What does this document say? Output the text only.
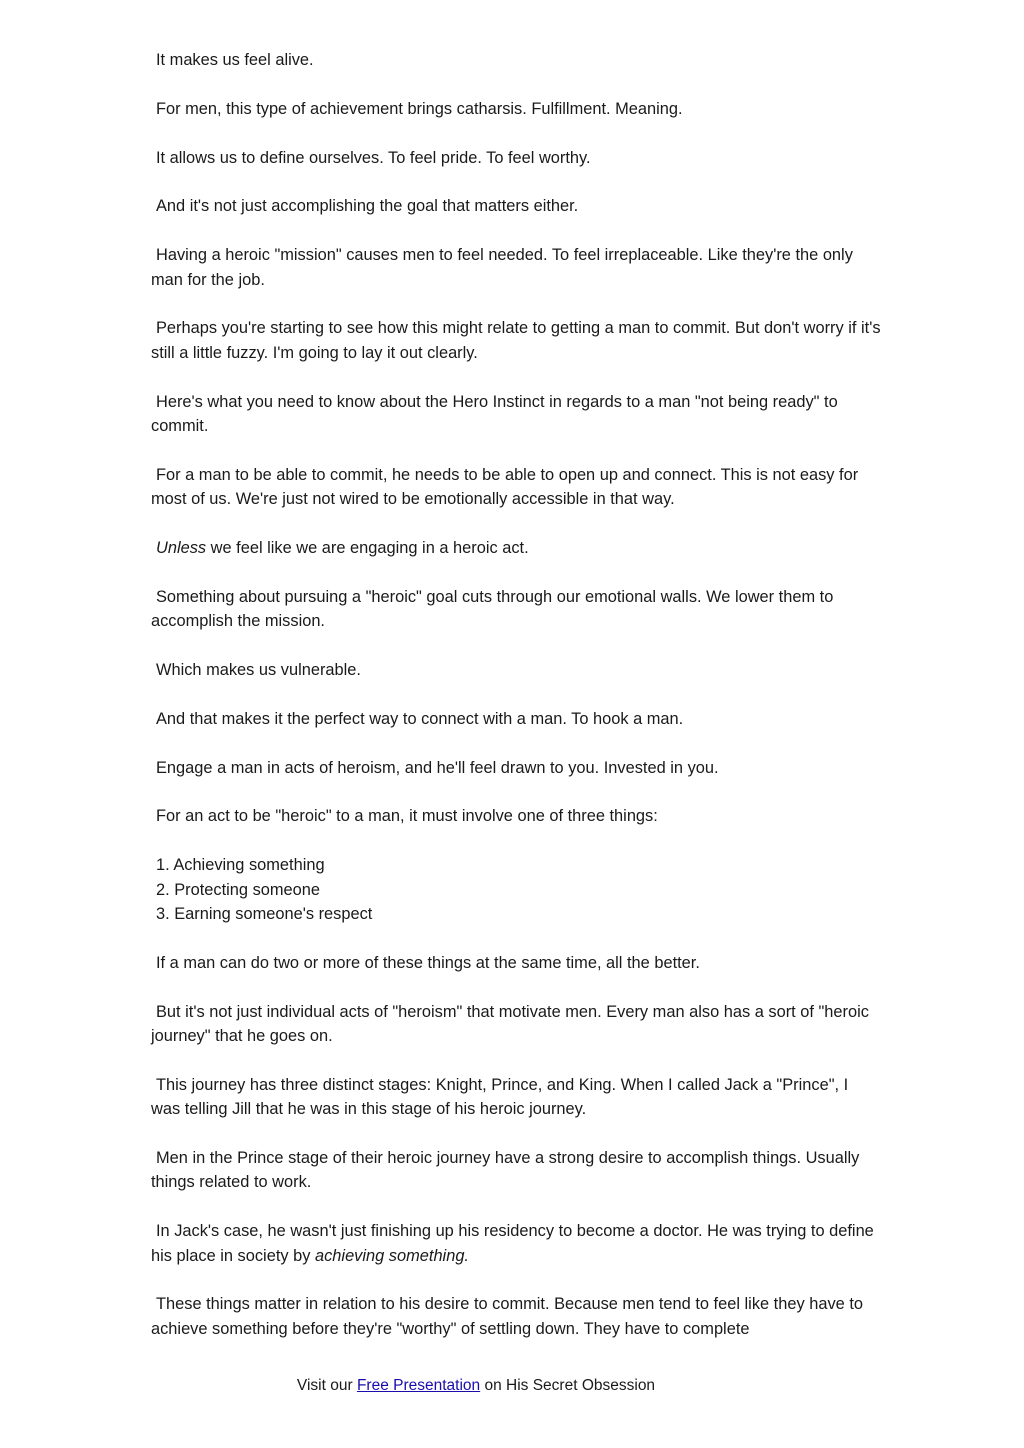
It makes us feel alive.

For men, this type of achievement brings catharsis. Fulfillment. Meaning.

It allows us to define ourselves. To feel pride. To feel worthy.

And it's not just accomplishing the goal that matters either.

Having a heroic "mission" causes men to feel needed. To feel irreplaceable. Like they're the only man for the job.

Perhaps you're starting to see how this might relate to getting a man to commit. But don't worry if it's still a little fuzzy. I'm going to lay it out clearly.

Here's what you need to know about the Hero Instinct in regards to a man "not being ready" to commit.

For a man to be able to commit, he needs to be able to open up and connect. This is not easy for most of us. We're just not wired to be emotionally accessible in that way.

Unless we feel like we are engaging in a heroic act.

Something about pursuing a "heroic" goal cuts through our emotional walls. We lower them to accomplish the mission.

Which makes us vulnerable.

And that makes it the perfect way to connect with a man. To hook a man.

Engage a man in acts of heroism, and he'll feel drawn to you. Invested in you.

For an act to be "heroic" to a man, it must involve one of three things:

1. Achieving something
2. Protecting someone
3. Earning someone's respect

If a man can do two or more of these things at the same time, all the better.

But it's not just individual acts of "heroism" that motivate men. Every man also has a sort of "heroic journey" that he goes on.

This journey has three distinct stages: Knight, Prince, and King. When I called Jack a "Prince", I was telling Jill that he was in this stage of his heroic journey.

Men in the Prince stage of their heroic journey have a strong desire to accomplish things. Usually things related to work.

In Jack's case, he wasn't just finishing up his residency to become a doctor. He was trying to define his place in society by achieving something.

These things matter in relation to his desire to commit. Because men tend to feel like they have to achieve something before they're "worthy" of settling down. They have to complete

Visit our Free Presentation on His Secret Obsession
